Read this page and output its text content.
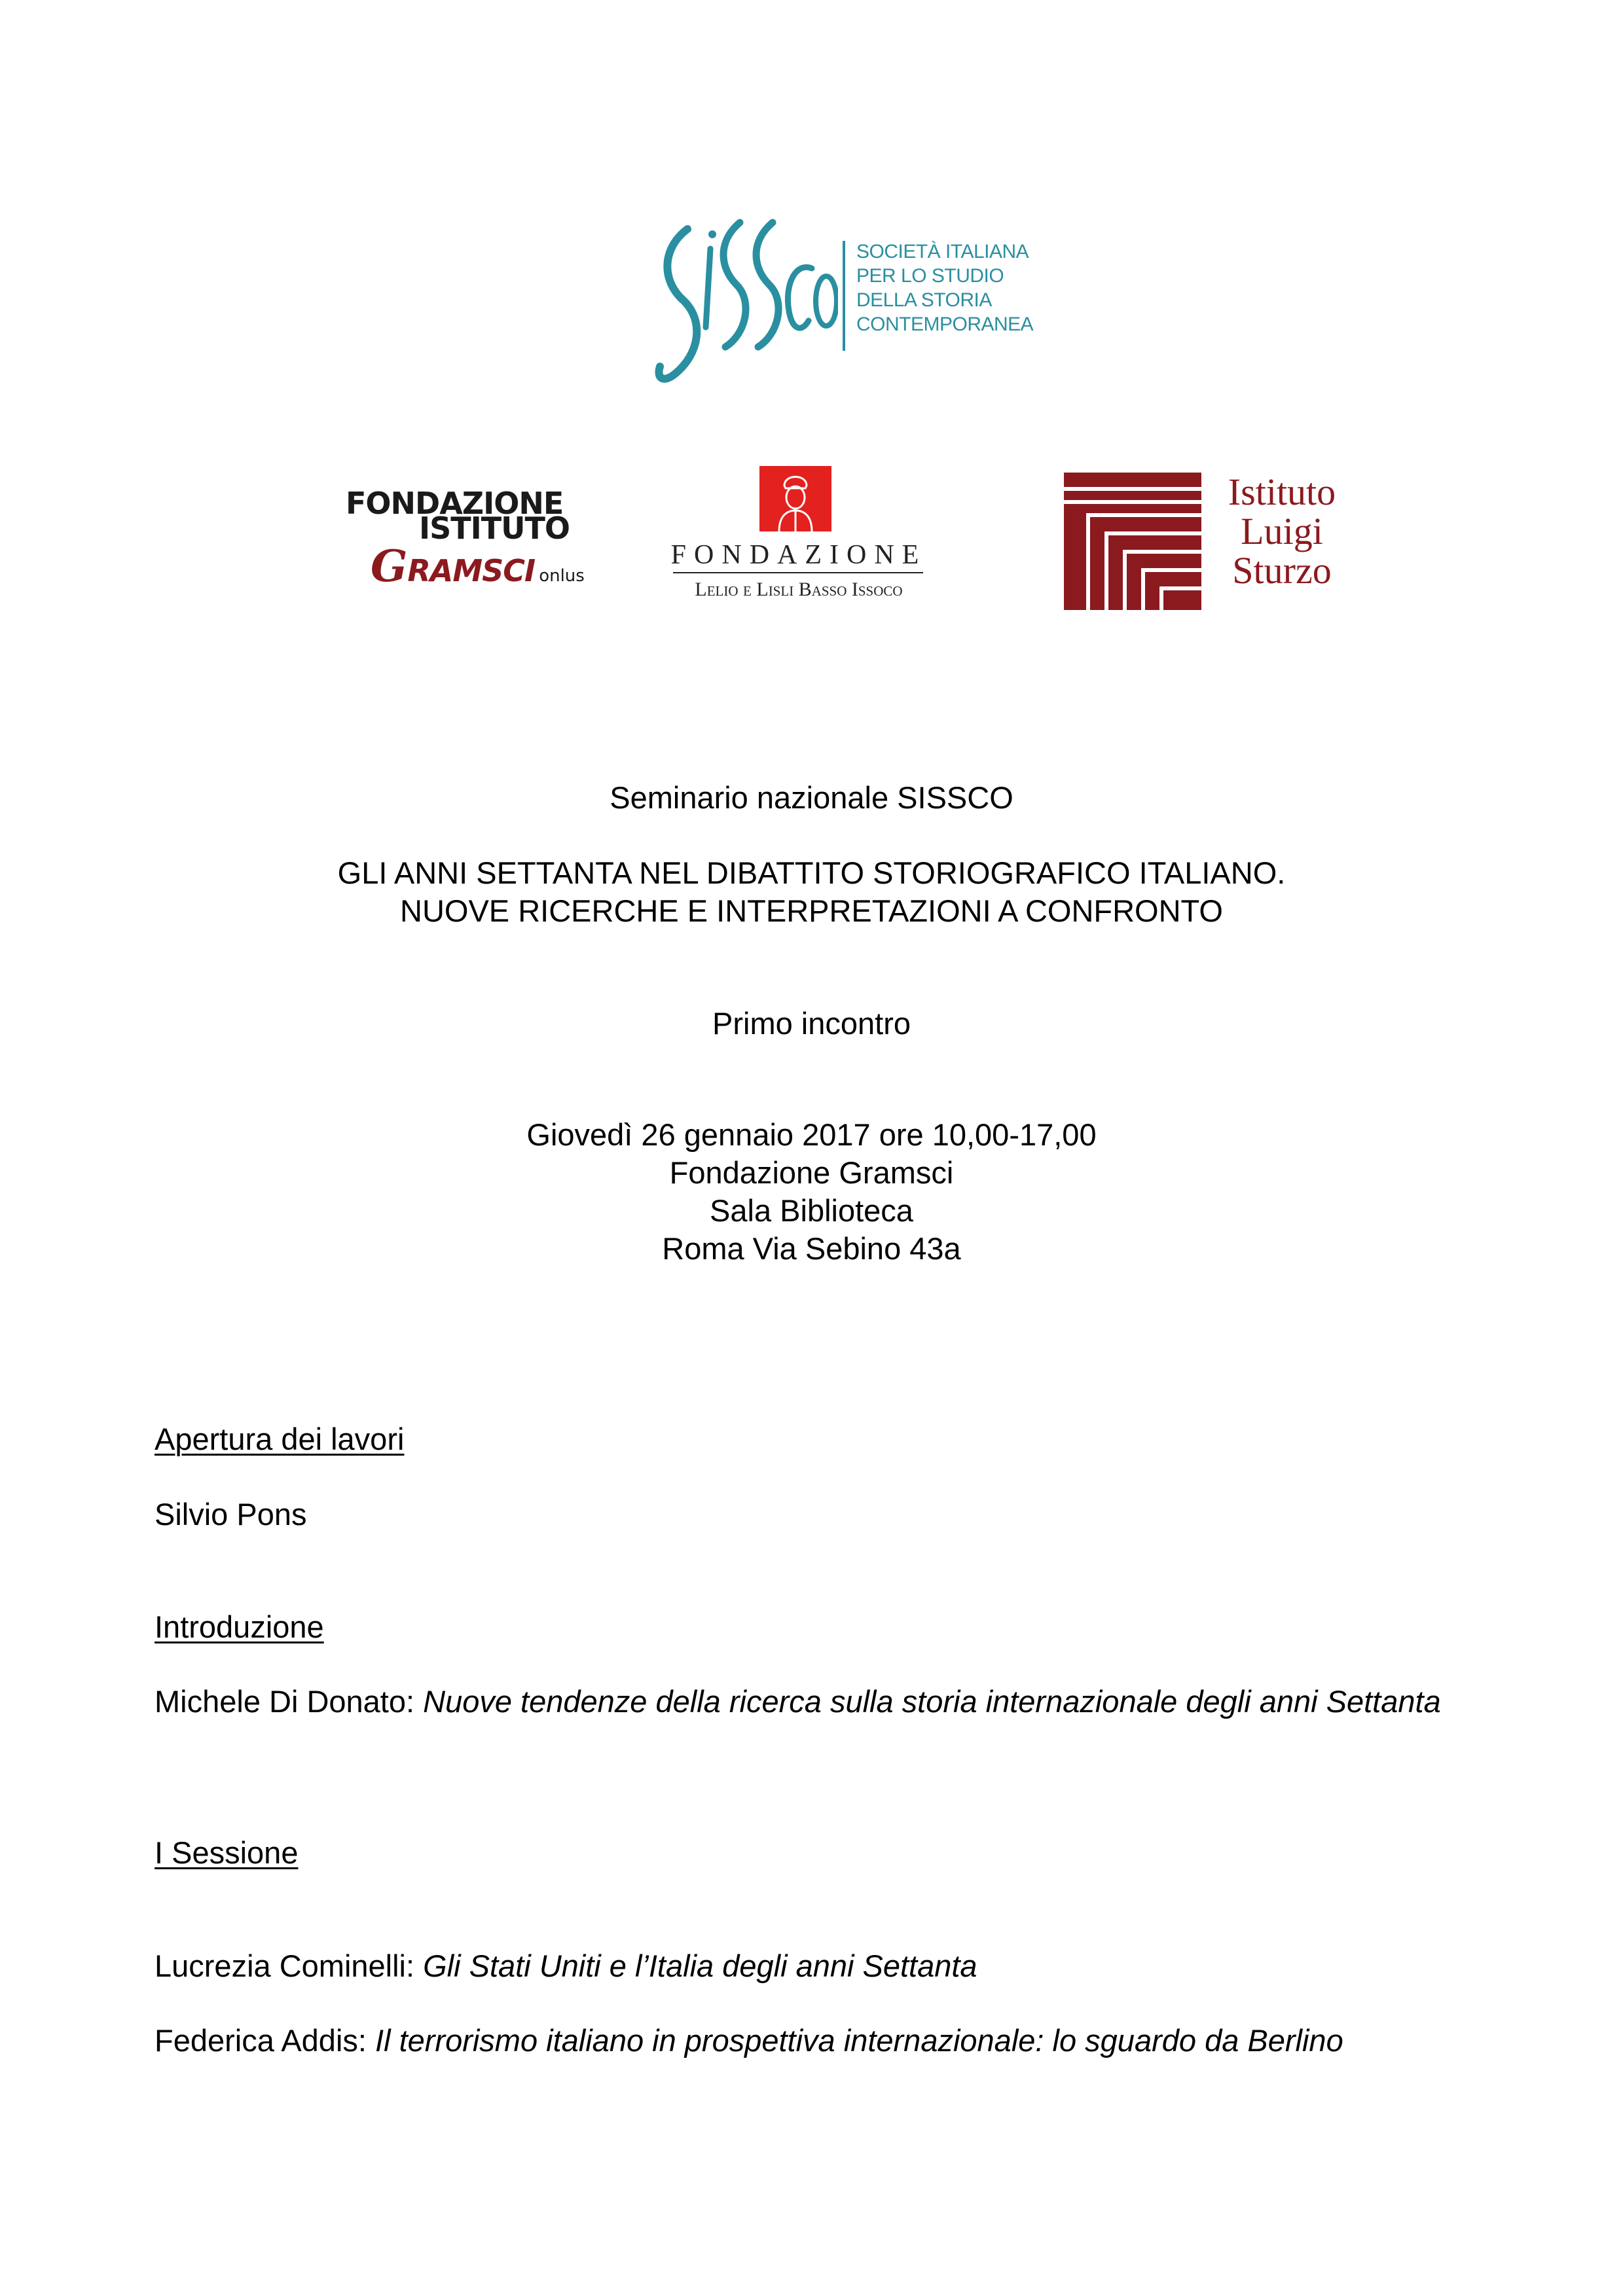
SOCIETÀ ITALIANA
PER LO STUDIO
DELLA STORIA
CONTEMPORANEA
FONDAZIONE
ISTITUTO
GRAMSCI onlus
FONDAZIONE
Lelio e Lisli Basso Issoco
Istituto
Luigi
Sturzo
Seminario nazionale SISSCO
GLI ANNI SETTANTA NEL DIBATTITO STORIOGRAFICO ITALIANO.
NUOVE RICERCHE E INTERPRETAZIONI A CONFRONTO
Primo incontro
Giovedì 26 gennaio 2017 ore 10,00-17,00
Fondazione Gramsci
Sala Biblioteca
Roma Via Sebino 43a
Apertura dei lavori
Silvio Pons
Introduzione
Michele Di Donato: Nuove tendenze della ricerca sulla storia internazionale degli anni Settanta
I Sessione
Lucrezia Cominelli: Gli Stati Uniti e l’Italia degli anni Settanta
Federica Addis: Il terrorismo italiano in prospettiva internazionale: lo sguardo da Berlino
